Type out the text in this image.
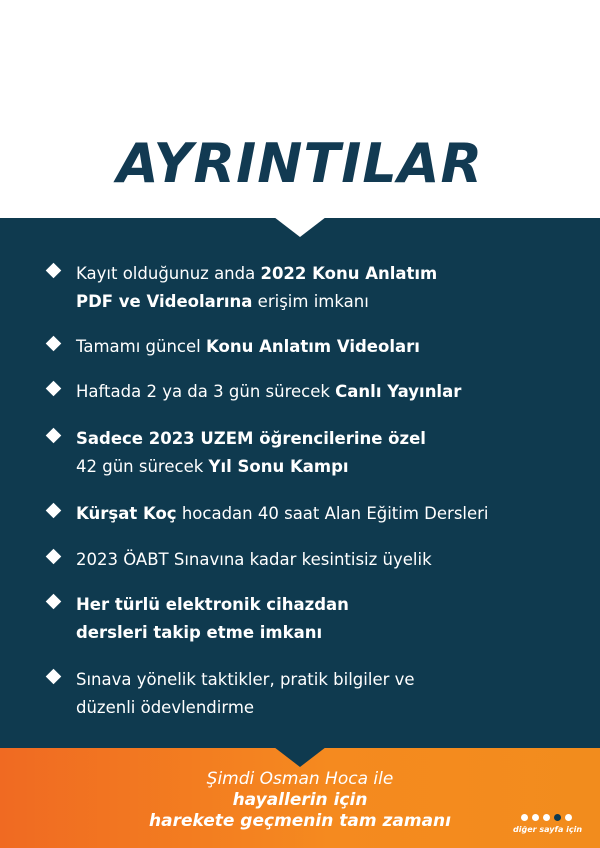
AYRINTILAR
Kayıt olduğunuz anda 2022 Konu Anlatım
PDF ve Videolarına erişim imkanı
Tamamı güncel Konu Anlatım Videoları
Haftada 2 ya da 3 gün sürecek Canlı Yayınlar
Sadece 2023 UZEM öğrencilerine özel
42 gün sürecek Yıl Sonu Kampı
Kürşat Koç hocadan 40 saat Alan Eğitim Dersleri
2023 ÖABT Sınavına kadar kesintisiz üyelik
Her türlü elektronik cihazdan
dersleri takip etme imkanı
Sınava yönelik taktikler, pratik bilgiler ve
düzenli ödevlendirme
Şimdi Osman Hoca ile
hayallerin için
harekete geçmenin tam zamanı	diğer sayfa için
